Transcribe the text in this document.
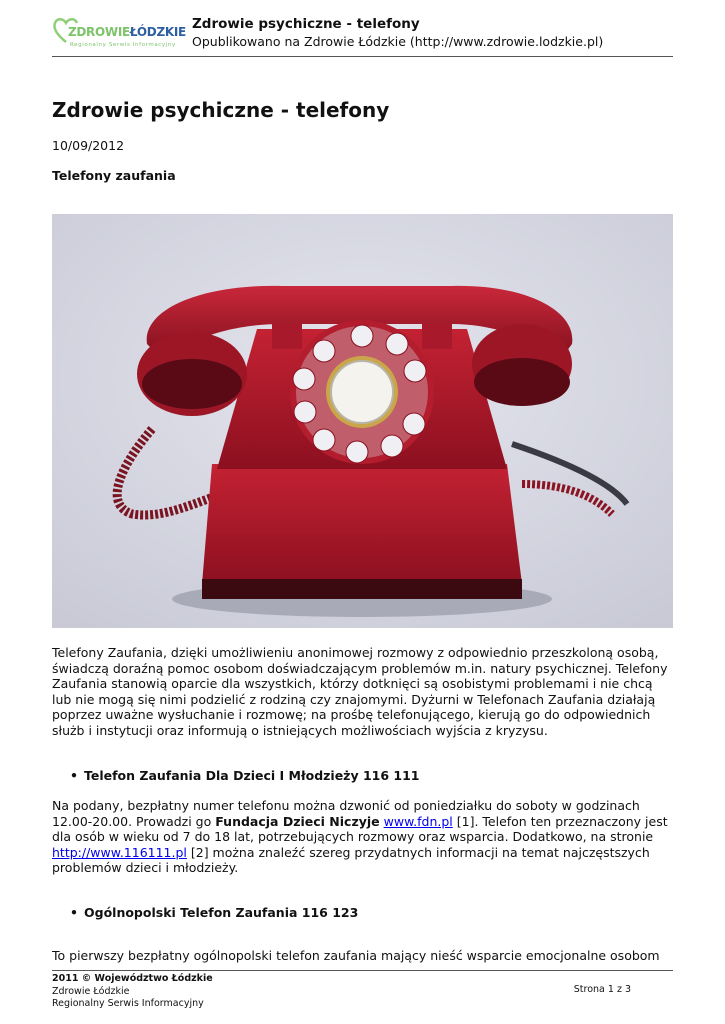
ZDROWIEŁÓDZKIE
Regionalny Serwis Informacyjny
Zdrowie psychiczne - telefony
Opublikowano na Zdrowie Łódzkie (http://www.zdrowie.lodzkie.pl)
Zdrowie psychiczne - telefony
10/09/2012
Telefony zaufania

Telefony Zaufania, dzięki umożliwieniu anonimowej rozmowy z odpowiednio przeszkoloną osobą, świadczą doraźną pomoc osobom doświadczającym problemów m.in. natury psychicznej. Telefony Zaufania stanowią oparcie dla wszystkich, którzy dotknięci są osobistymi problemami i nie chcą lub nie mogą się nimi podzielić z rodziną czy znajomymi. Dyżurni w Telefonach Zaufania działają poprzez uważne wysłuchanie i rozmowę; na prośbę telefonującego, kierują go do odpowiednich służb i instytucji oraz informują o istniejących możliwościach wyjścia z kryzysu.

• Telefon Zaufania Dla Dzieci I Młodzieży 116 111

Na podany, bezpłatny numer telefonu można dzwonić od poniedziałku do soboty w godzinach 12.00-20.00. Prowadzi go Fundacja Dzieci Niczyje www.fdn.pl [1]. Telefon ten przeznaczony jest dla osób w wieku od 7 do 18 lat, potrzebujących rozmowy oraz wsparcia. Dodatkowo, na stronie http://www.116111.pl [2] można znaleźć szereg przydatnych informacji na temat najczęstszych problemów dzieci i młodzieży.

• Ogólnopolski Telefon Zaufania 116 123

To pierwszy bezpłatny ogólnopolski telefon zaufania mający nieść wsparcie emocjonalne osobom

2011 © Województwo Łódzkie
Zdrowie Łódzkie
Regionalny Serwis Informacyjny
Strona 1 z 3
